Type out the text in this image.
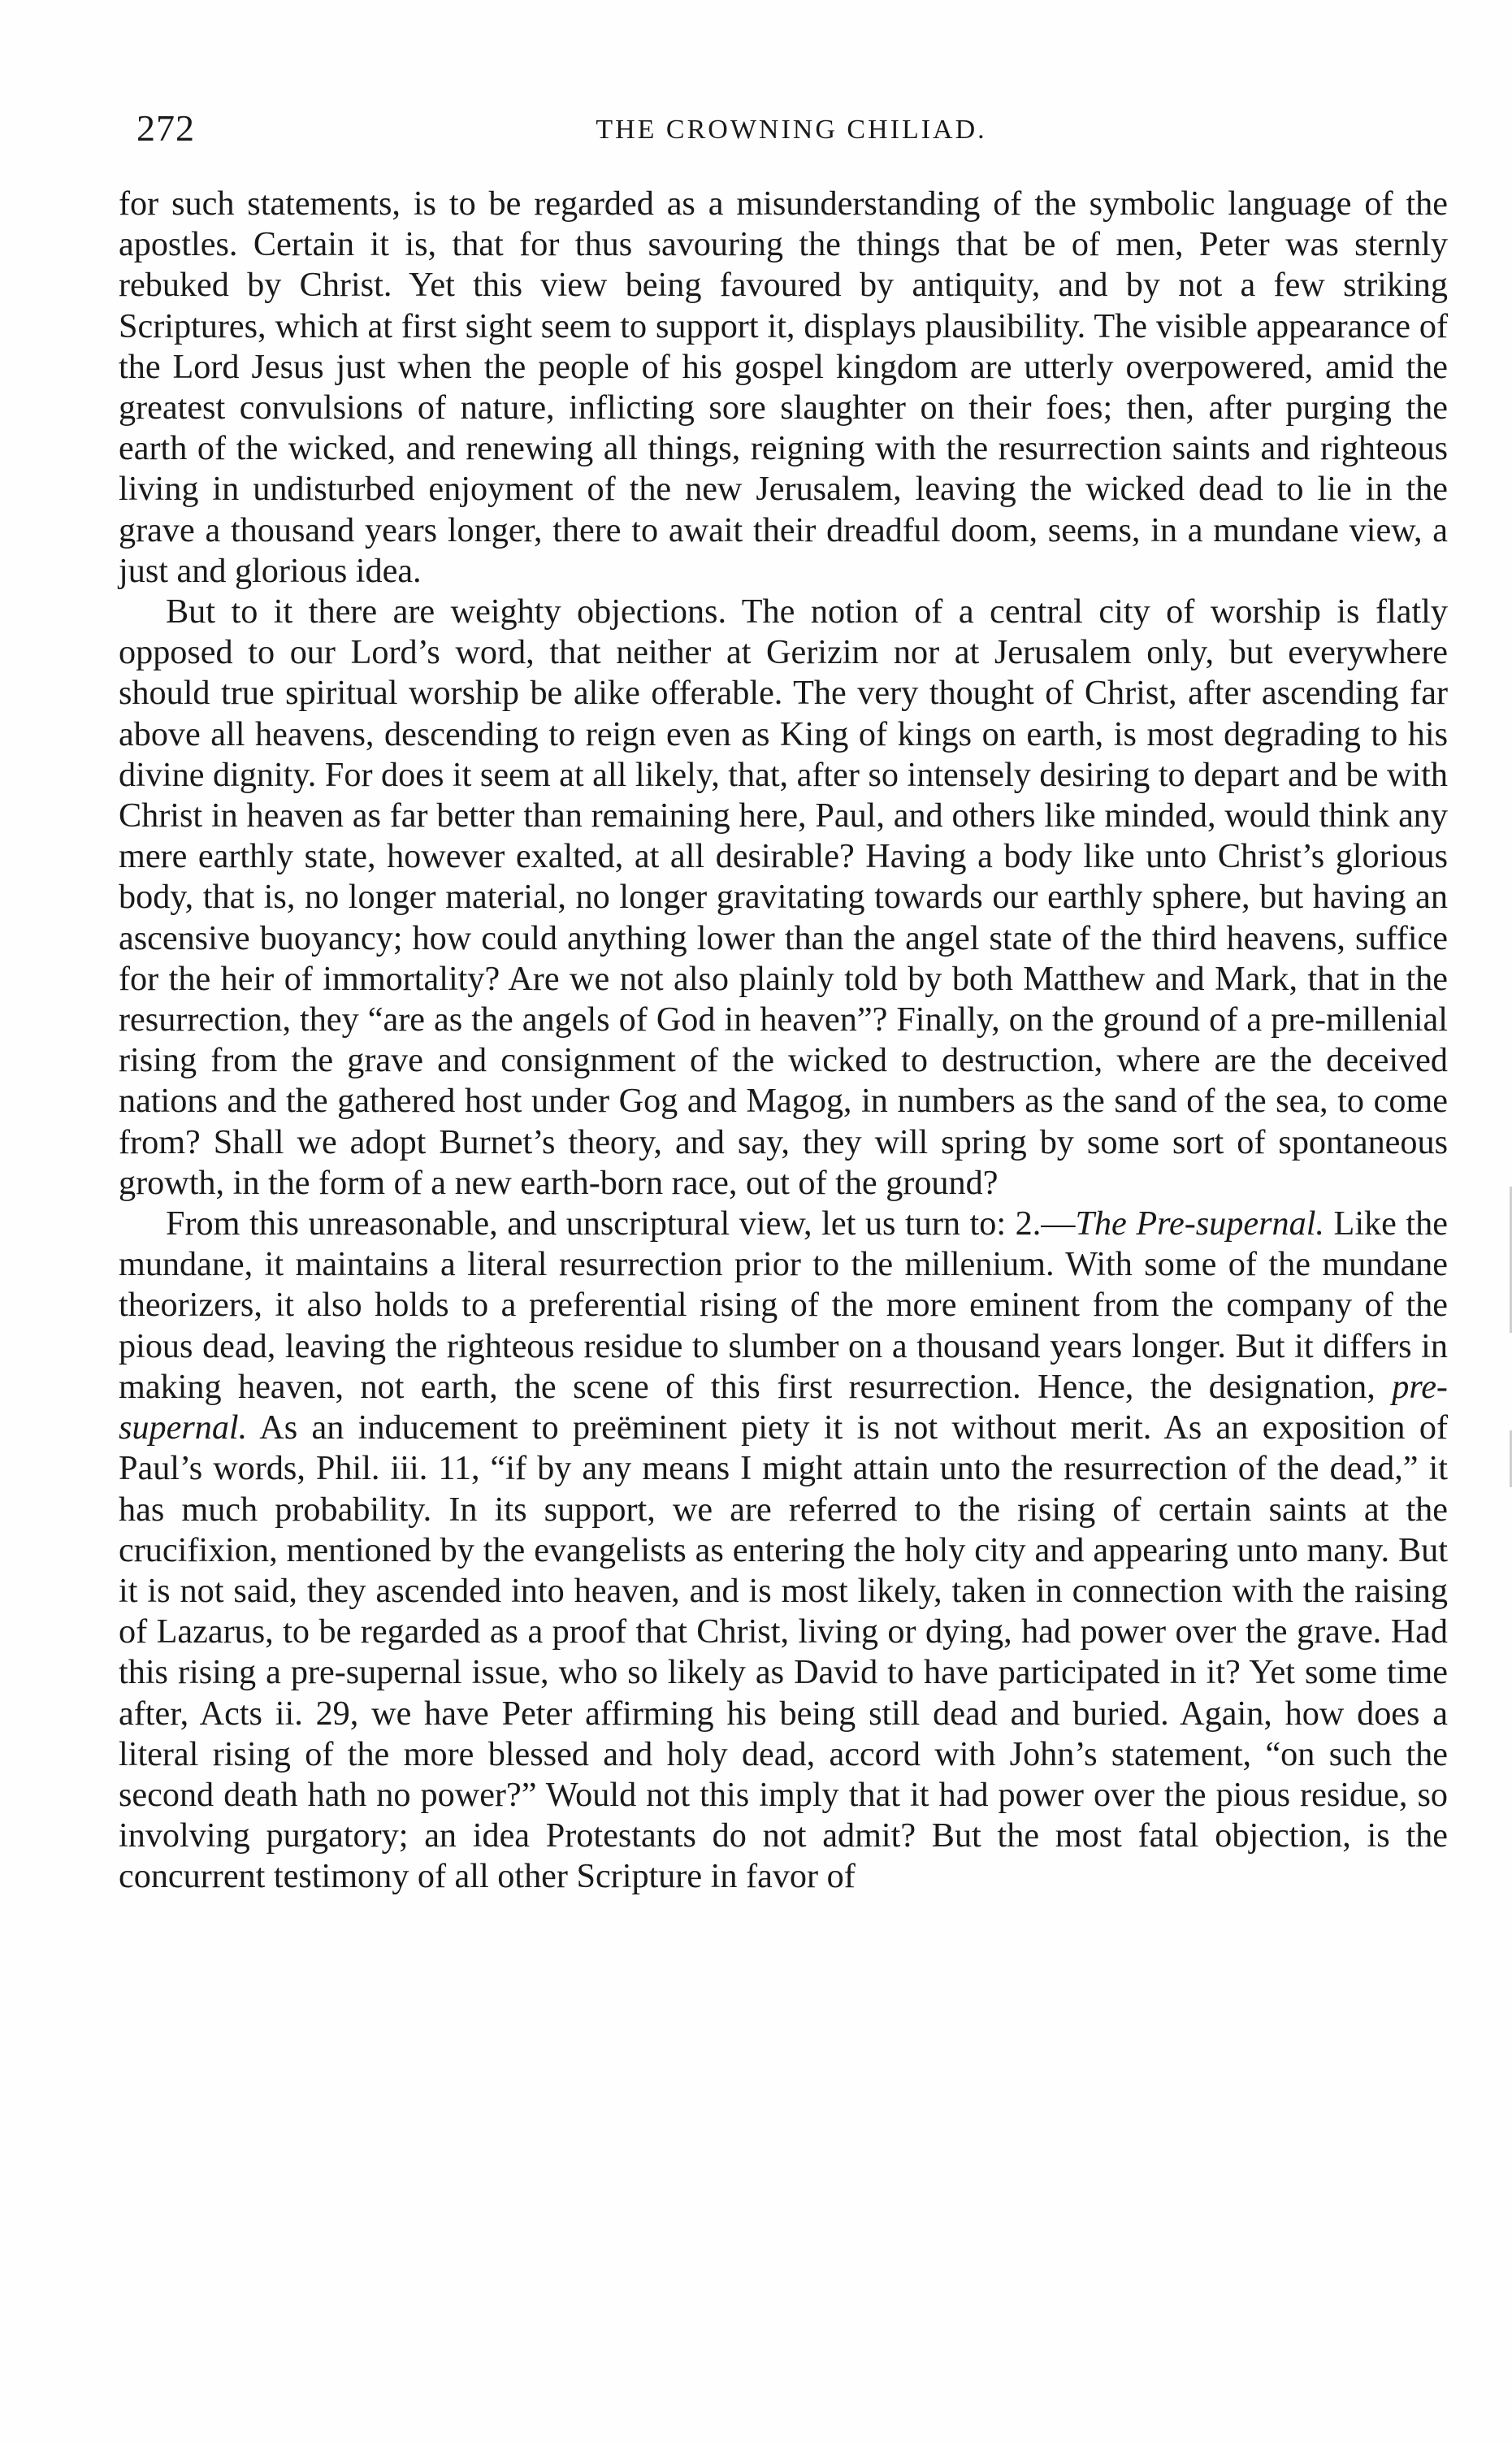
272	THE CROWNING CHILIAD.

for such statements, is to be regarded as a misunderstanding of the symbolic language of the apostles. Certain it is, that for thus savouring the things that be of men, Peter was sternly rebuked by Christ. Yet this view being favoured by antiquity, and by not a few striking Scriptures, which at first sight seem to support it, displays plausibility. The visible appearance of the Lord Jesus just when the people of his gospel kingdom are utterly overpowered, amid the greatest convulsions of nature, inflicting sore slaughter on their foes; then, after purging the earth of the wicked, and renewing all things, reigning with the resurrection saints and righteous living in undisturbed enjoyment of the new Jerusalem, leaving the wicked dead to lie in the grave a thousand years longer, there to await their dreadful doom, seems, in a mundane view, a just and glorious idea.

But to it there are weighty objections. The notion of a central city of worship is flatly opposed to our Lord’s word, that neither at Gerizim nor at Jerusalem only, but everywhere should true spiritual worship be alike offerable. The very thought of Christ, after ascending far above all heavens, descending to reign even as King of kings on earth, is most degrading to his divine dignity. For does it seem at all likely, that, after so intensely desiring to depart and be with Christ in heaven as far better than remaining here, Paul, and others like minded, would think any mere earthly state, however exalted, at all desirable? Having a body like unto Christ’s glorious body, that is, no longer material, no longer gravitating towards our earthly sphere, but having an ascensive buoyancy; how could anything lower than the angel state of the third heavens, suffice for the heir of immortality? Are we not also plainly told by both Matthew and Mark, that in the resurrection, they “are as the angels of God in heaven”? Finally, on the ground of a pre-millenial rising from the grave and consignment of the wicked to destruction, where are the deceived nations and the gathered host under Gog and Magog, in numbers as the sand of the sea, to come from? Shall we adopt Burnet’s theory, and say, they will spring by some sort of spontaneous growth, in the form of a new earth-born race, out of the ground?

From this unreasonable, and unscriptural view, let us turn to: 2.—The Pre-supernal. Like the mundane, it maintains a literal resurrection prior to the millenium. With some of the mundane theorizers, it also holds to a preferential rising of the more eminent from the company of the pious dead, leaving the righteous residue to slumber on a thousand years longer. But it differs in making heaven, not earth, the scene of this first resurrection. Hence, the designation, pre-supernal. As an inducement to preëminent piety it is not without merit. As an exposition of Paul’s words, Phil. iii. 11, “if by any means I might attain unto the resurrection of the dead,” it has much probability. In its support, we are referred to the rising of certain saints at the crucifixion, mentioned by the evangelists as entering the holy city and appearing unto many. But it is not said, they ascended into heaven, and is most likely, taken in connection with the raising of Lazarus, to be regarded as a proof that Christ, living or dying, had power over the grave. Had this rising a pre-supernal issue, who so likely as David to have participated in it? Yet some time after, Acts ii. 29, we have Peter affirming his being still dead and buried. Again, how does a literal rising of the more blessed and holy dead, accord with John’s statement, “on such the second death hath no power?” Would not this imply that it had power over the pious residue, so involving purgatory; an idea Protestants do not admit? But the most fatal objection, is the concurrent testimony of all other Scripture in favor of
